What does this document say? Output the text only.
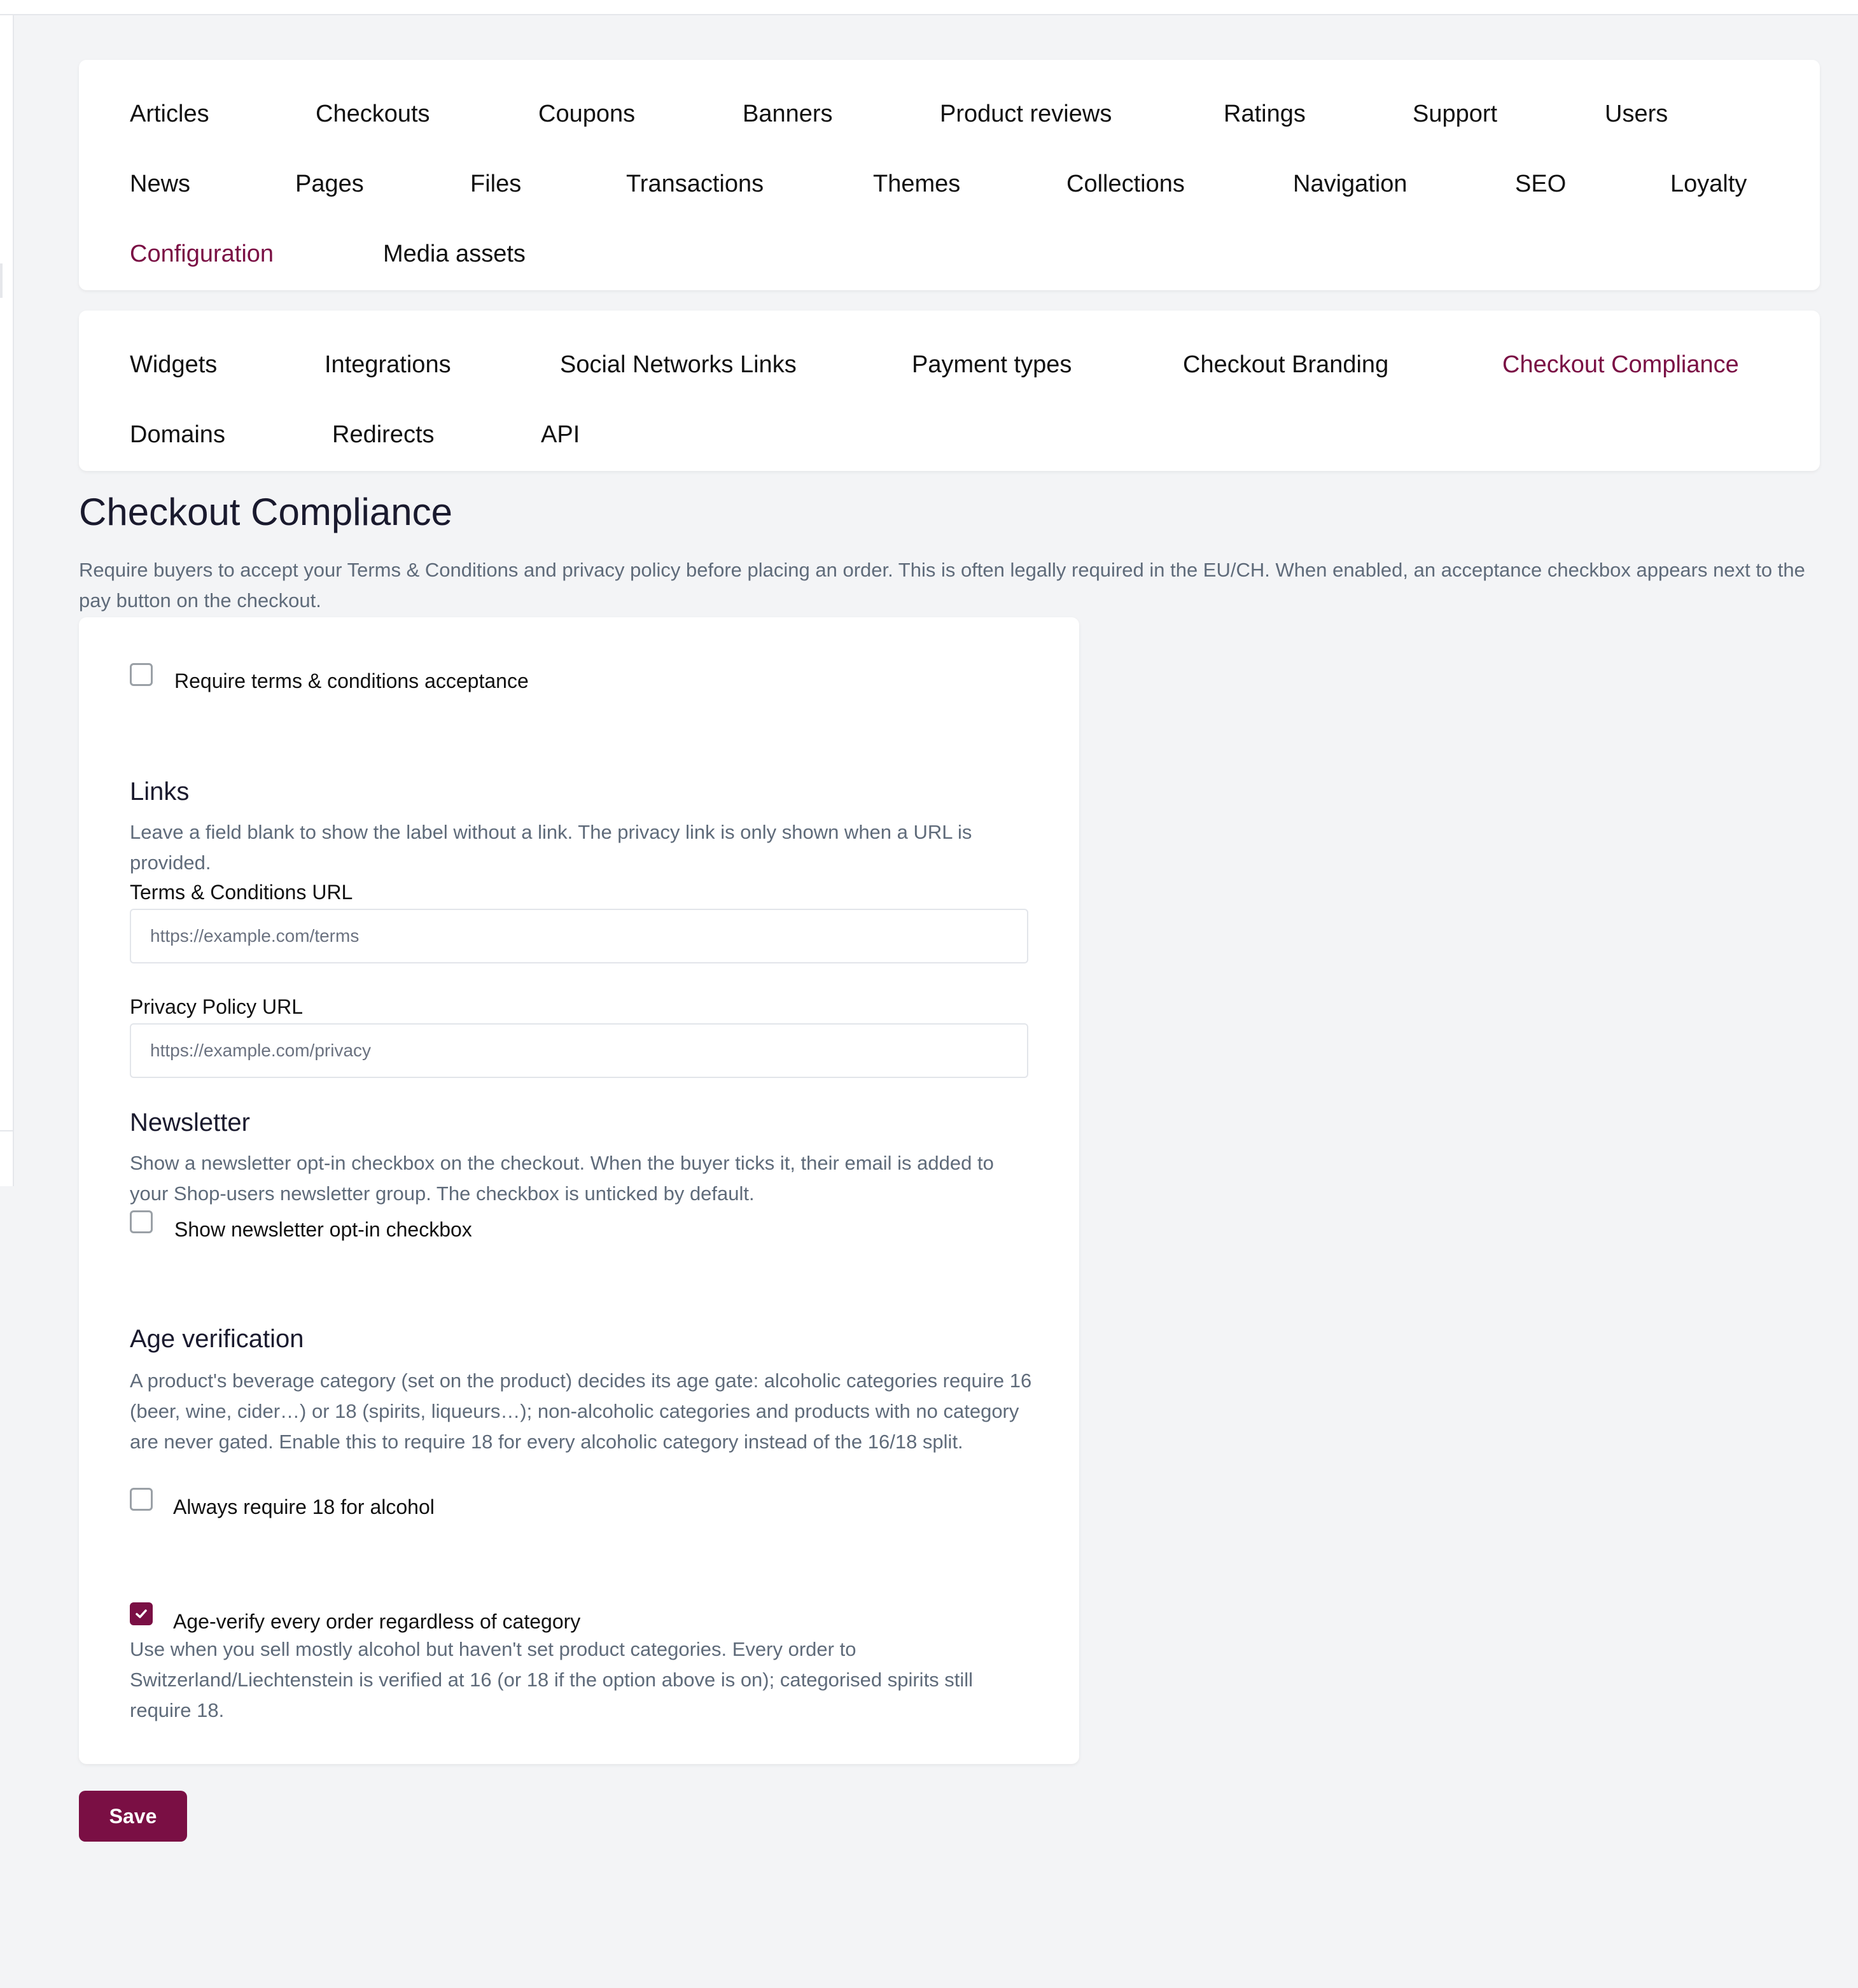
Articles	Checkouts	Coupons	Banners	Product reviews	Ratings	Support	Users
News	Pages	Files	Transactions	Themes	Collections	Navigation	SEO	Loyalty
Configuration	Media assets
Widgets	Integrations	Social Networks Links	Payment types	Checkout Branding	Checkout Compliance
Domains	Redirects	API
Checkout Compliance

Require buyers to accept your Terms & Conditions and privacy policy before placing an order. This is often legally required in the EU/CH. When enabled, an acceptance checkbox appears next to the pay button on the checkout.

Require terms & conditions acceptance
Links

Leave a field blank to show the label without a link. The privacy link is only shown when a URL is provided.

Terms & Conditions URL
https://example.com/terms
Privacy Policy URL
https://example.com/privacy
Newsletter

Show a newsletter opt-in checkbox on the checkout. When the buyer ticks it, their email is added to your Shop-users newsletter group. The checkbox is unticked by default.

Show newsletter opt-in checkbox
Age verification

A product's beverage category (set on the product) decides its age gate: alcoholic categories require 16 (beer, wine, cider…) or 18 (spirits, liqueurs…); non-alcoholic categories and products with no category are never gated. Enable this to require 18 for every alcoholic category instead of the 16/18 split.

Always require 18 for alcohol
Age-verify every order regardless of category

Use when you sell mostly alcohol but haven't set product categories. Every order to Switzerland/Liechtenstein is verified at 16 (or 18 if the option above is on); categorised spirits still require 18.

Save
